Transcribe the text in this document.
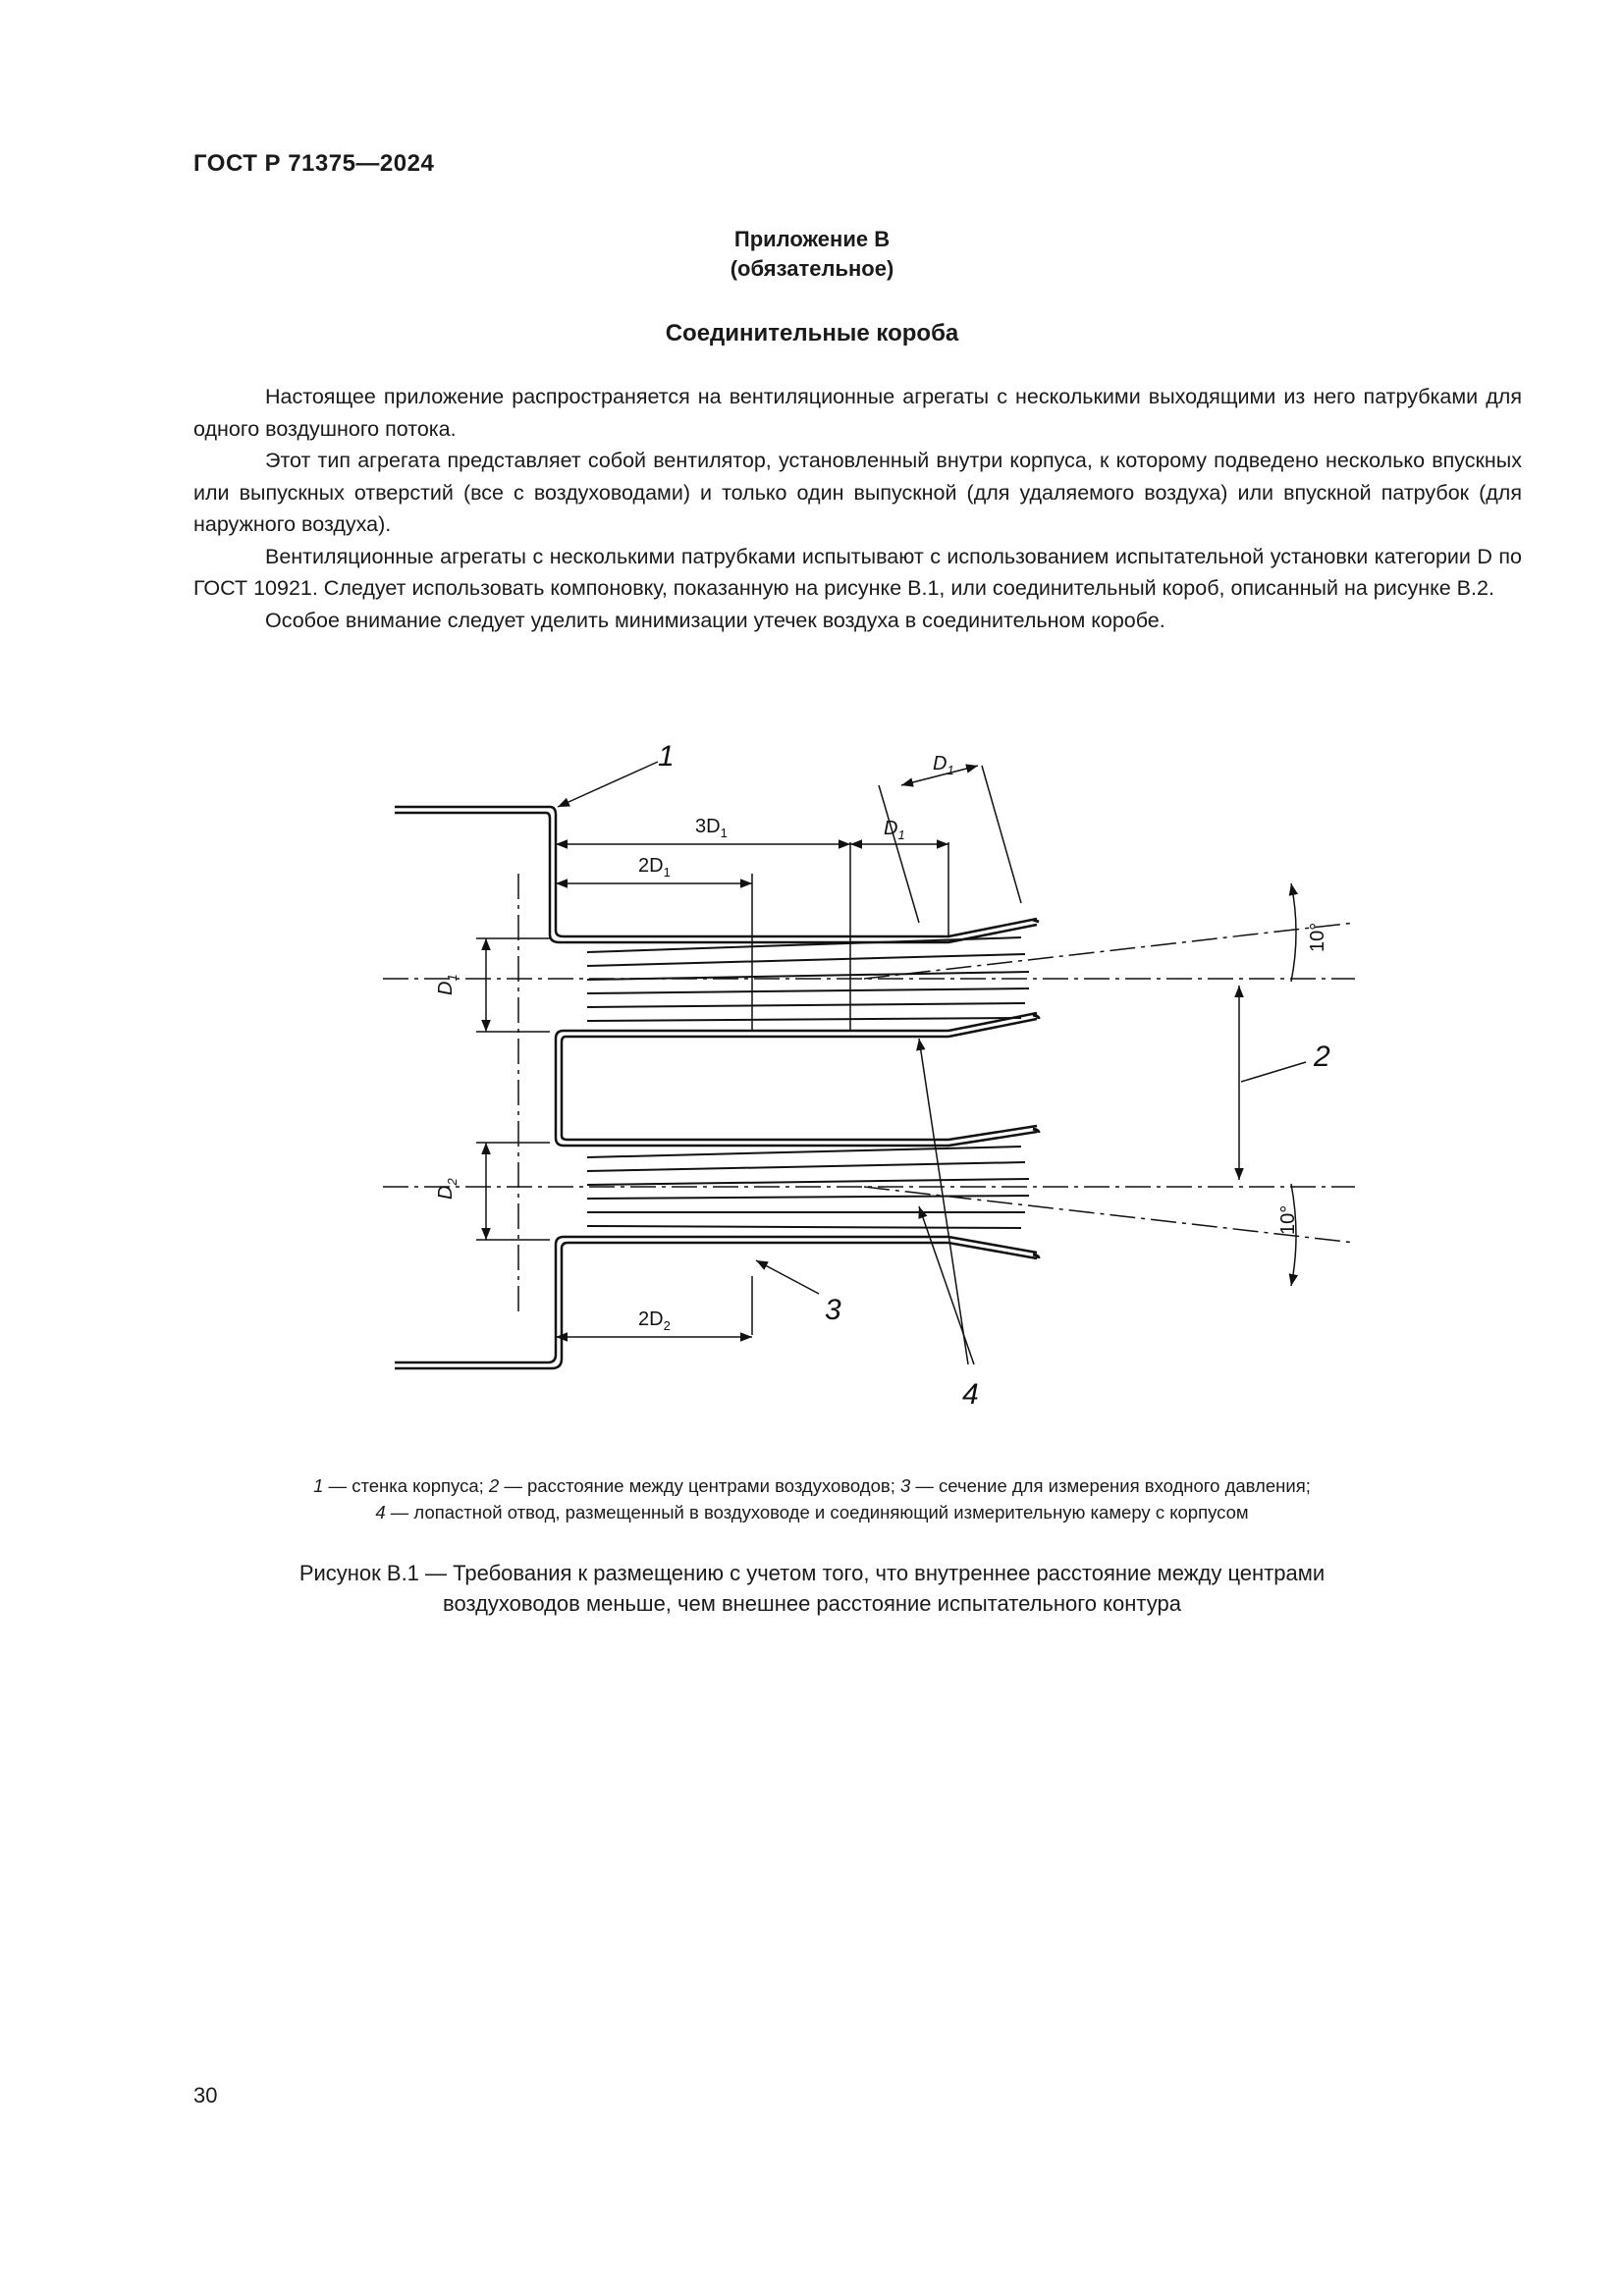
ГОСТ Р 71375—2024
Приложение В
(обязательное)
Соединительные короба

Настоящее приложение распространяется на вентиляционные агрегаты с несколькими выходящими из него патрубками для одного воздушного потока.

Этот тип агрегата представляет собой вентилятор, установленный внутри корпуса, к которому подведено несколько впускных или выпускных отверстий (все с воздуховодами) и только один выпускной (для удаляемого воздуха) или впускной патрубок (для наружного воздуха).

Вентиляционные агрегаты с несколькими патрубками испытывают с использованием испытательной установки категории D по ГОСТ 10921. Следует использовать компоновку, показанную на рисунке В.1, или соединительный короб, описанный на рисунке В.2.

Особое внимание следует уделить минимизации утечек воздуха в соединительном коробе.

$3D_1$
$2D_1$
$D_1$
$D_1$
$D_1$
$D_2$
$2D_2$
10°
10°
1
2
3
4
1 — стенка корпуса; 2 — расстояние между центрами воздуховодов; 3 — сечение для измерения входного давления;
4 — лопастной отвод, размещенный в воздуховоде и соединяющий измерительную камеру с корпусом
Рисунок В.1 — Требования к размещению с учетом того, что внутреннее расстояние между центрами
воздуховодов меньше, чем внешнее расстояние испытательного контура
30
